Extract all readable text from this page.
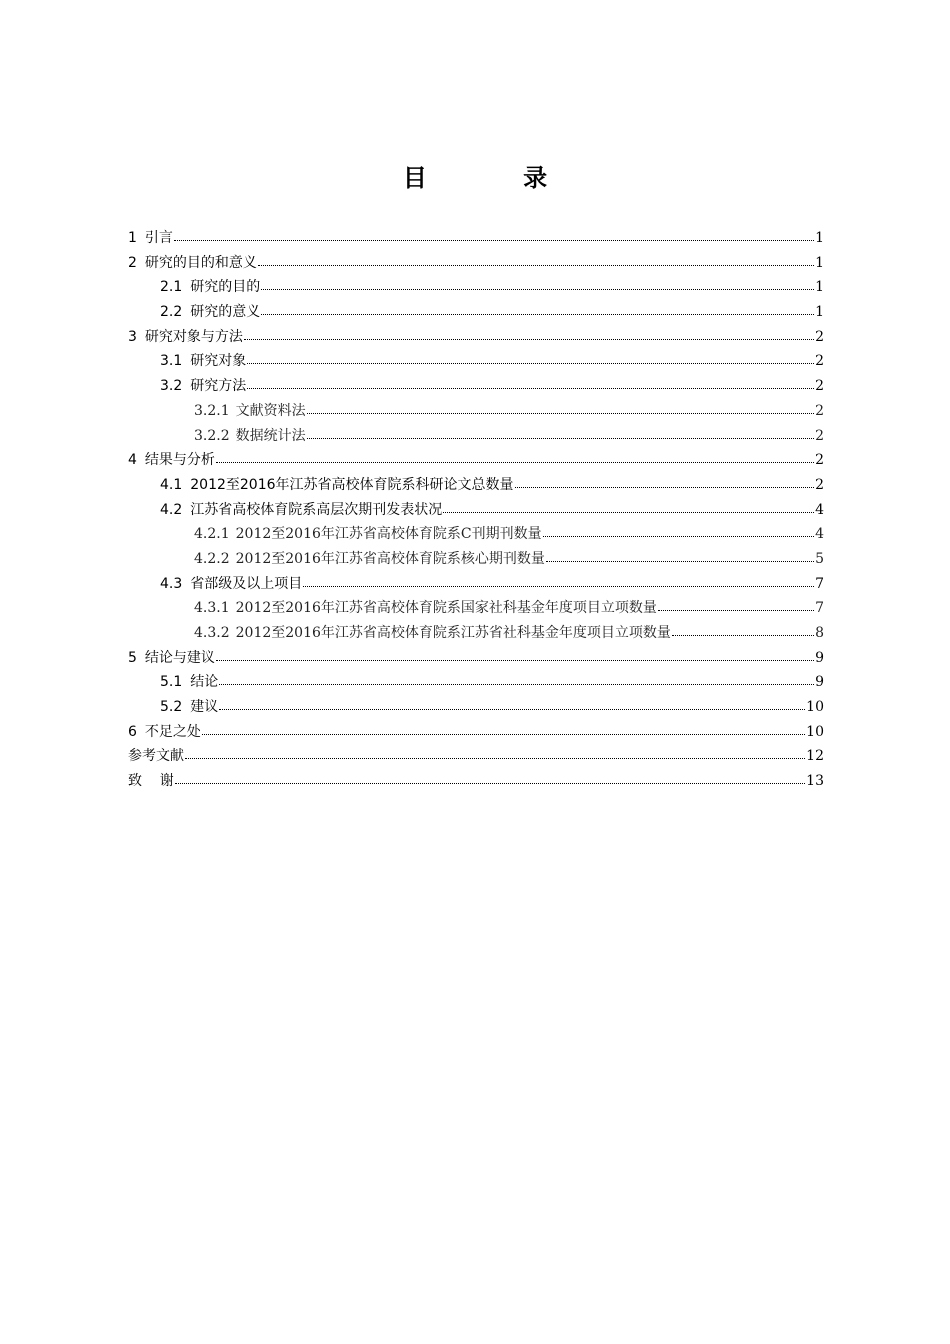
目 录
1 引言	1
2 研究的目的和意义	1
2.1 研究的目的	1
2.2 研究的意义	1
3 研究对象与方法	2
3.1 研究对象	2
3.2 研究方法	2
3.2.1 文献资料法	2
3.2.2 数据统计法	2
4 结果与分析	2
4.1 2012至2016年江苏省高校体育院系科研论文总数量	2
4.2 江苏省高校体育院系高层次期刊发表状况	4
4.2.1 2012至2016年江苏省高校体育院系C刊期刊数量	4
4.2.2 2012至2016年江苏省高校体育院系核心期刊数量	5
4.3 省部级及以上项目	7
4.3.1 2012至2016年江苏省高校体育院系国家社科基金年度项目立项数量	7
4.3.2 2012至2016年江苏省高校体育院系江苏省社科基金年度项目立项数量	8
5 结论与建议	9
5.1 结论	9
5.2 建议	10
6 不足之处	10
参考文献	12
致    谢	13
